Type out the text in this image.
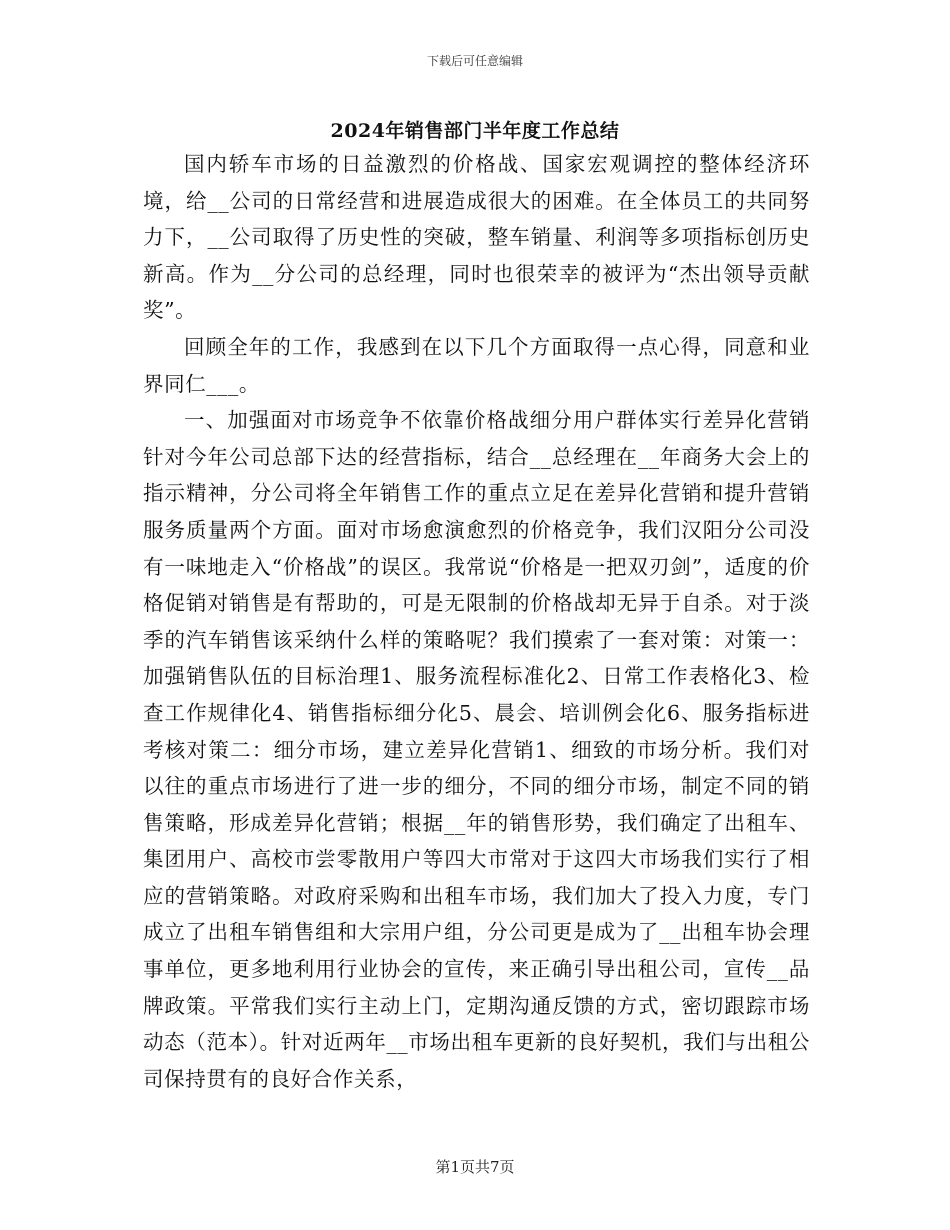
下载后可任意编辑
2024年销售部门半年度工作总结

国内轿车市场的日益激烈的价格战、国家宏观调控的整体经济环境，给__公司的日常经营和进展造成很大的困难。在全体员工的共同努力下，__公司取得了历史性的突破，整车销量、利润等多项指标创历史新高。作为__分公司的总经理，同时也很荣幸的被评为“杰出领导贡献奖”。

回顾全年的工作，我感到在以下几个方面取得一点心得，同意和业界同仁___。

一、加强面对市场竞争不依靠价格战细分用户群体实行差异化营销针对今年公司总部下达的经营指标，结合__总经理在__年商务大会上的指示精神，分公司将全年销售工作的重点立足在差异化营销和提升营销服务质量两个方面。面对市场愈演愈烈的价格竞争，我们汉阳分公司没有一味地走入“价格战”的误区。我常说“价格是一把双刃剑”，适度的价格促销对销售是有帮助的，可是无限制的价格战却无异于自杀。对于淡季的汽车销售该采纳什么样的策略呢？我们摸索了一套对策：对策一：加强销售队伍的目标治理1、服务流程标准化2、日常工作表格化3、检查工作规律化4、销售指标细分化5、晨会、培训例会化6、服务指标进考核对策二：细分市场，建立差异化营销1、细致的市场分析。我们对以往的重点市场进行了进一步的细分，不同的细分市场，制定不同的销售策略，形成差异化营销；根据__年的销售形势，我们确定了出租车、集团用户、高校市尝零散用户等四大市常对于这四大市场我们实行了相应的营销策略。对政府采购和出租车市场，我们加大了投入力度，专门成立了出租车销售组和大宗用户组，分公司更是成为了__出租车协会理事单位，更多地利用行业协会的宣传，来正确引导出租公司，宣传__品牌政策。平常我们实行主动上门，定期沟通反馈的方式，密切跟踪市场动态（范本）。针对近两年__市场出租车更新的良好契机，我们与出租公司保持贯有的良好合作关系，

第1页共7页
